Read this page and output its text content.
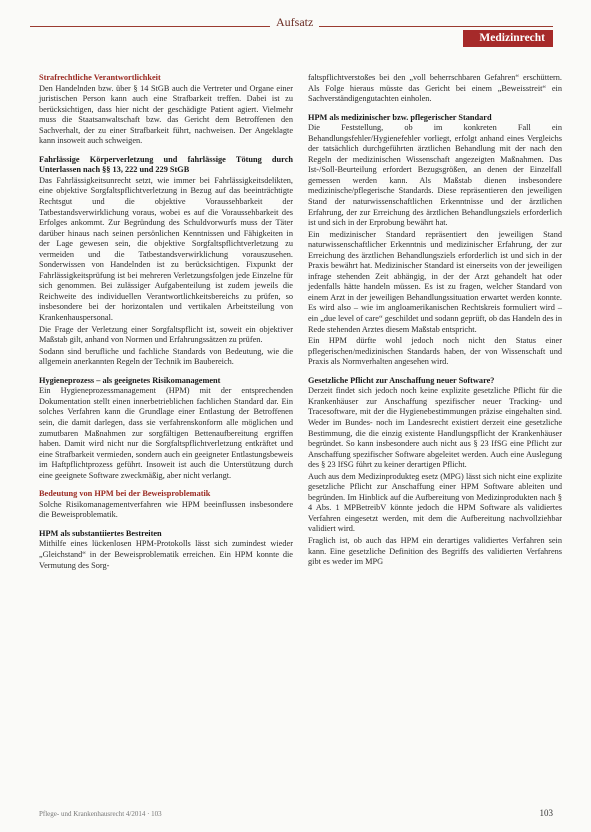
Aufsatz
Medizinrecht
Strafrechtliche Verantwortlichkeit

Den Handelnden bzw. über § 14 StGB auch die Vertreter und Organe einer juristischen Person kann auch eine Strafbarkeit treffen. Dabei ist zu berücksichtigen, dass hier nicht der geschädigte Patient agiert. Vielmehr muss die Staatsanwaltschaft bzw. das Gericht dem Betroffenen den Sachverhalt, der zu einer Strafbarkeit führt, nachweisen. Der Angeklagte kann insoweit auch schweigen.

Fahrlässige Körperverletzung und fahrlässige Tötung durch Unterlassen nach §§ 13, 222 und 229 StGB

Das Fahrlässigkeitsunrecht setzt, wie immer bei Fahrlässigkeitsdelikten, eine objektive Sorgfaltspflichtverletzung in Bezug auf das beeinträchtigte Rechtsgut und die objektive Voraussehbarkeit der Tatbestandsverwirklichung voraus, wobei es auf die Voraussehbarkeit des Erfolges ankommt. Zur Begründung des Schuldvorwurfs muss der Täter darüber hinaus nach seinen persönlichen Kenntnissen und Fähigkeiten in der Lage gewesen sein, die objektive Sorgfaltspflichtverletzung zu vermeiden und die Tatbestandsverwirklichung vorauszusehen. Sonderwissen von Handelnden ist zu berücksichtigen. Fixpunkt der Fahrlässigkeitsprüfung ist bei mehreren Verletzungsfolgen jede Einzelne für sich genommen. Bei zulässiger Aufgabenteilung ist zudem jeweils die Reichweite des individuellen Verantwortlichkeitsbereichs zu prüfen, so insbesondere bei der horizontalen und vertikalen Arbeitsteilung von Krankenhauspersonal.

Die Frage der Verletzung einer Sorgfaltspflicht ist, soweit ein objektiver Maßstab gilt, anhand von Normen und Erfahrungssätzen zu prüfen.

Sodann sind berufliche und fachliche Standards von Bedeutung, wie die allgemein anerkannten Regeln der Technik im Baubereich.

Hygieneprozess – als geeignetes Risikomanagement

Ein Hygieneprozessmanagement (HPM) mit der entsprechenden Dokumentation stellt einen innerbetrieblichen fachlichen Standard dar. Ein solches Verfahren kann die Grundlage einer Entlastung der Betroffenen sein, die damit darlegen, dass sie verfahrenskonform alle möglichen und zumutbaren Maßnahmen zur sorgfältigen Bettenaufbereitung ergriffen haben. Damit wird nicht nur die Sorgfaltspflichtverletzung entkräftet und eine Strafbarkeit vermieden, sondern auch ein geeigneter Entlastungsbeweis im Haftpflichtprozess geführt. Insoweit ist auch die Unterstützung durch eine geeignete Software zweckmäßig, aber nicht verlangt.

Bedeutung von HPM bei der Beweisproblematik

Solche Risikomanagementverfahren wie HPM beeinflussen insbesondere die Beweisproblematik.

HPM als substantiiertes Bestreiten

Mithilfe eines lückenlosen HPM-Protokolls lässt sich zumindest wieder „Gleichstand“ in der Beweisproblematik erreichen. Ein HPM konnte die Vermutung des Sorg-

faltspflichtverstoßes bei den „voll beherrschbaren Gefahren“ erschüttern. Als Folge hieraus müsste das Gericht bei einem „Beweisstreit“ ein Sachverständigengutachten einholen.

HPM als medizinischer bzw. pflegerischer Standard

Die Feststellung, ob im konkreten Fall ein Behandlungsfehler/Hygienefehler vorliegt, erfolgt anhand eines Vergleichs der tatsächlich durchgeführten ärztlichen Behandlung mit der nach den Regeln der medizinischen Wissenschaft angezeigten Maßnahmen. Das Ist-/Soll-Beurteilung erfordert Bezugsgrößen, an denen der Einzelfall gemessen werden kann. Als Maßstab dienen insbesondere medizinische/pflegerische Standards. Diese repräsentieren den jeweiligen Stand der naturwissenschaftlichen Erkenntnisse und der ärztlichen Erfahrung, der zur Erreichung des ärztlichen Behandlungsziels erforderlich ist und sich in der Erprobung bewährt hat.

Ein medizinischer Standard repräsentiert den jeweiligen Stand naturwissenschaftlicher Erkenntnis und medizinischer Erfahrung, der zur Erreichung des ärztlichen Behandlungsziels erforderlich ist und sich in der Praxis bewährt hat. Medizinischer Standard ist einerseits von der jeweiligen infrage stehenden Zeit abhängig, in der der Arzt gehandelt hat oder jedenfalls hätte handeln müssen. Es ist zu fragen, welcher Standard von einem Arzt in der jeweiligen Behandlungssituation erwartet werden konnte. Es wird also – wie im angloamerikanischen Rechtskreis formuliert wird – ein „due level of care“ geschildet und sodann geprüft, ob das Handeln des in Rede stehenden Arztes diesem Maßstab entspricht.

Ein HPM dürfte wohl jedoch noch nicht den Status einer pflegerischen/medizinischen Standards haben, der von Wissenschaft und Praxis als Normverhalten angesehen wird.

Gesetzliche Pflicht zur Anschaffung neuer Software?

Derzeit findet sich jedoch noch keine explizite gesetzliche Pflicht für die Krankenhäuser zur Anschaffung spezifischer neuer Tracking- und Tracesoftware, mit der die Hygienebestimmungen präzise eingehalten sind. Weder im Bundes- noch im Landesrecht existiert derzeit eine gesetzliche Bestimmung, die die einzig existente Handlungspflicht der Krankenhäuser begründet. So kann insbesondere auch nicht aus § 23 IfSG eine Pflicht zur Anschaffung spezifischer Software abgeleitet werden. Auch eine Auslegung des § 23 IfSG führt zu keiner derartigen Pflicht.

Auch aus dem Medizinprodukteg esetz (MPG) lässt sich nicht eine explizite gesetzliche Pflicht zur Anschaffung einer HPM Software ableiten und begründen. Im Hinblick auf die Aufbereitung von Medizinprodukten nach § 4 Abs. 1 MPBetreibV könnte jedoch die HPM Software als validiertes Verfahren eingesetzt werden, mit dem die Aufbereitung nachvollziehbar validiert wird.

Fraglich ist, ob auch das HPM ein derartiges validiertes Verfahren sein kann. Eine gesetzliche Definition des Begriffs des validierten Verfahrens gibt es weder im MPG

Pflege- und Krankenhausrecht 4/2014 · 103	103
